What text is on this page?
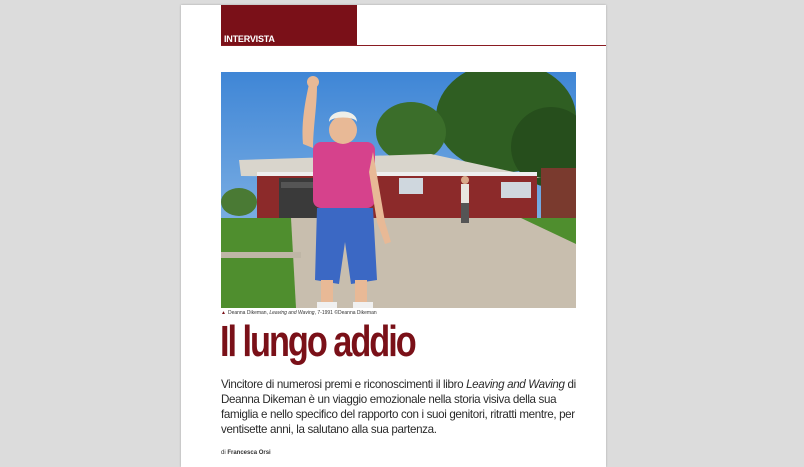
INTERVISTA
▲ Deanna Dikeman, Leaving and Waving, 7-1991 ©Deanna Dikeman
Il lungo addio
Vincitore di numerosi premi e riconoscimenti il libro Leaving and Waving di Deanna Dikeman è un viaggio emozionale nella storia visiva della sua famiglia e nello specifico del rapporto con i suoi genitori, ritratti mentre, per ventisette anni, la salutano alla sua partenza.
di Francesca Orsi
